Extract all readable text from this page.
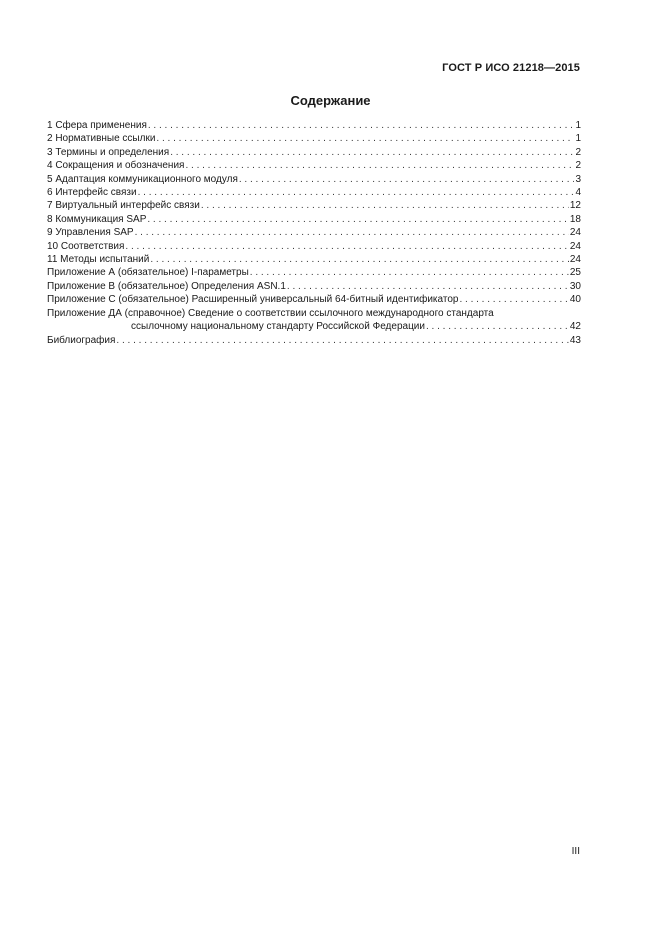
ГОСТ Р ИСО 21218—2015
Содержание
1 Сфера применения . . .	1
2 Нормативные ссылки . . .	1
3 Термины и определения . . .	2
4 Сокращения и обозначения . . .	2
5 Адаптация коммуникационного модуля . . .	3
6 Интерфейс связи . . .	4
7 Виртуальный интерфейс связи . . .	12
8 Коммуникация SAP . . .	18
9 Управления SAP . . .	24
10 Соответствия . . .	24
11 Методы испытаний . . .	24
Приложение А (обязательное) I-параметры . . .	25
Приложение В (обязательное) Определения ASN.1 . . .	30
Приложение С (обязательное) Расширенный универсальный 64-битный идентификатор . . .	40
Приложение ДА (справочное) Сведение о соответствии ссылочного международного стандарта
ссылочному национальному стандарту Российской Федерации . . .	42
Библиография . . .	43
III
